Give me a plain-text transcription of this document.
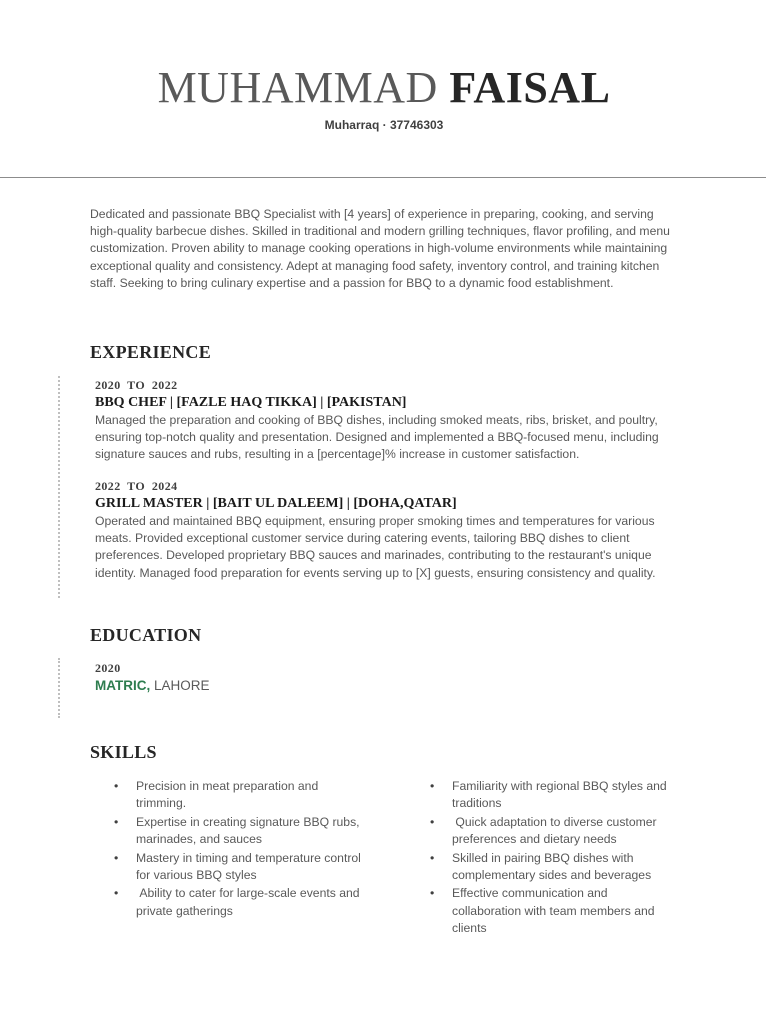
MUHAMMAD FAISAL
Muharraq · 37746303
Dedicated and passionate BBQ Specialist with [4 years] of experience in preparing, cooking, and serving high-quality barbecue dishes. Skilled in traditional and modern grilling techniques, flavor profiling, and menu customization. Proven ability to manage cooking operations in high-volume environments while maintaining exceptional quality and consistency. Adept at managing food safety, inventory control, and training kitchen staff. Seeking to bring culinary expertise and a passion for BBQ to a dynamic food establishment.
EXPERIENCE
2020  TO  2022
BBQ CHEF | [FAZLE HAQ TIKKA] | [PAKISTAN]
Managed the preparation and cooking of BBQ dishes, including smoked meats, ribs, brisket, and poultry, ensuring top-notch quality and presentation. Designed and implemented a BBQ-focused menu, including signature sauces and rubs, resulting in a [percentage]% increase in customer satisfaction.
2022  TO  2024
GRILL MASTER | [BAIT UL DALEEM] | [DOHA,QATAR]
Operated and maintained BBQ equipment, ensuring proper smoking times and temperatures for various meats. Provided exceptional customer service during catering events, tailoring BBQ dishes to client preferences. Developed proprietary BBQ sauces and marinades, contributing to the restaurant's unique identity. Managed food preparation for events serving up to [X] guests, ensuring consistency and quality.
EDUCATION
2020
MATRIC, LAHORE
SKILLS
• Precision in meat preparation and trimming.
• Expertise in creating signature BBQ rubs, marinades, and sauces
• Mastery in timing and temperature control for various BBQ styles
• Ability to cater for large-scale events and private gatherings
• Familiarity with regional BBQ styles and traditions
• Quick adaptation to diverse customer preferences and dietary needs
• Skilled in pairing BBQ dishes with complementary sides and beverages
• Effective communication and collaboration with team members and clients
